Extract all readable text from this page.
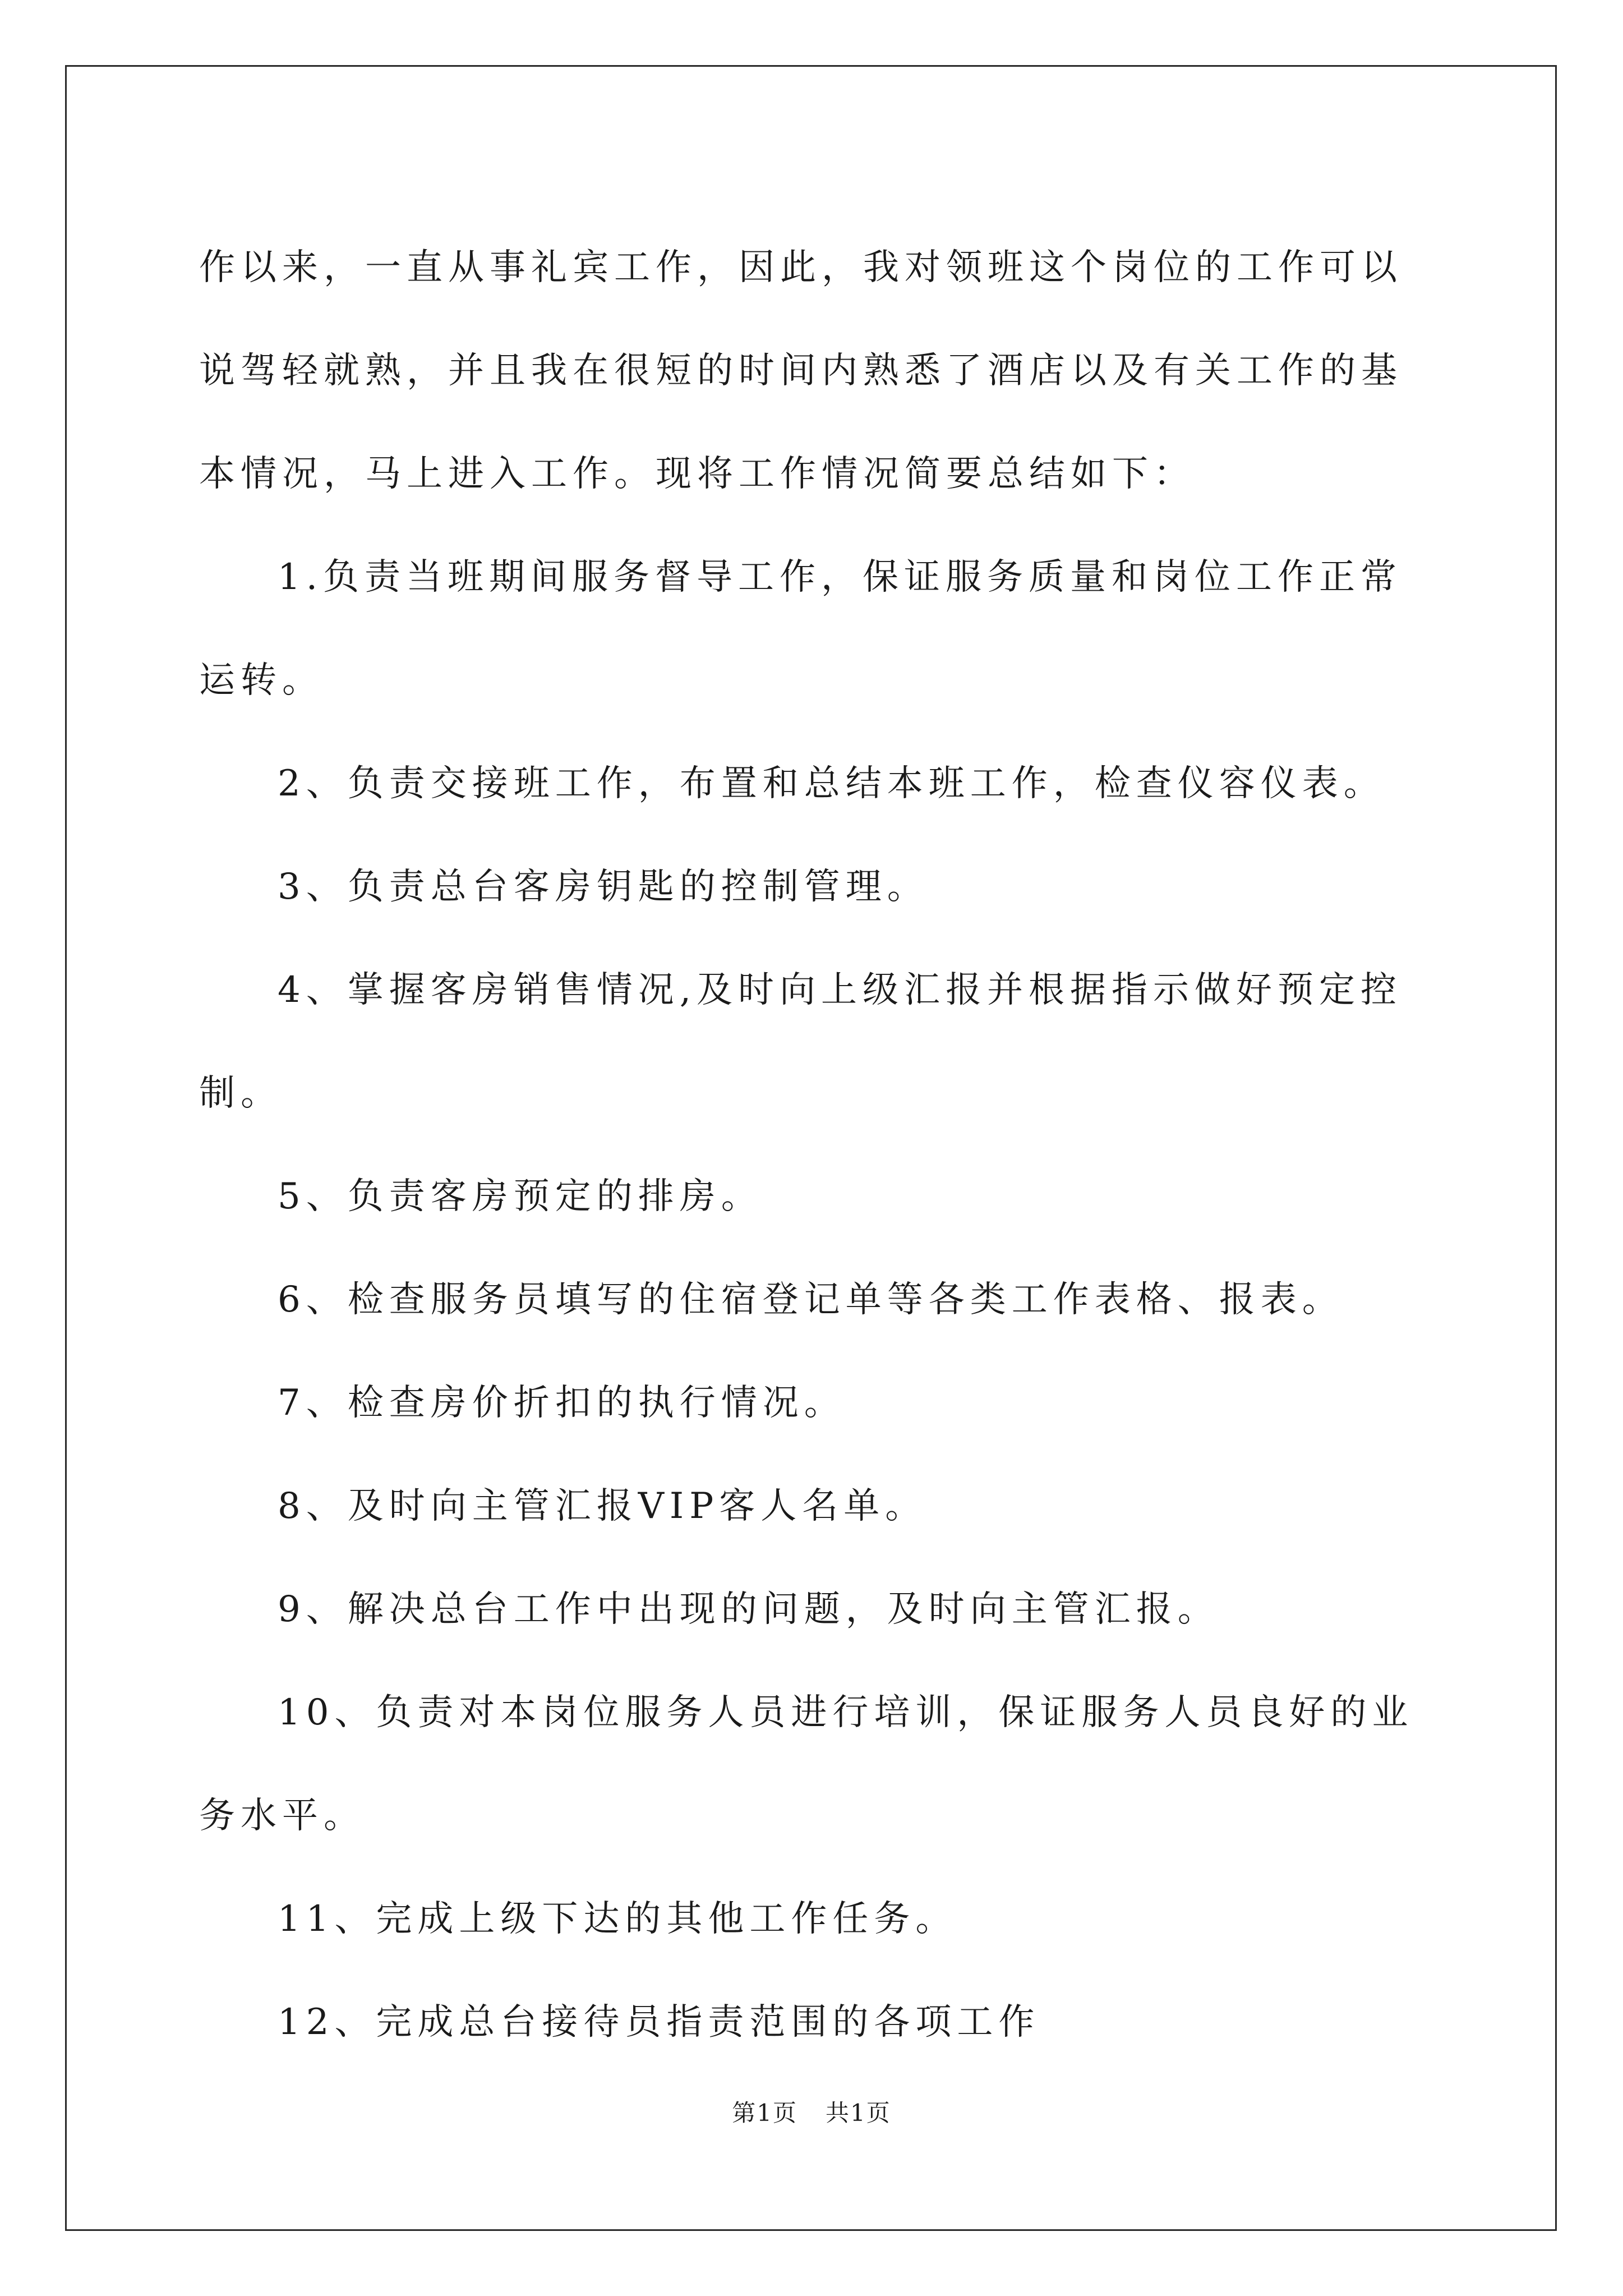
作以来，一直从事礼宾工作，因此，我对领班这个岗位的工作可以说驾轻就熟，并且我在很短的时间内熟悉了酒店以及有关工作的基本情况，马上进入工作。现将工作情况简要总结如下：

1.负责当班期间服务督导工作，保证服务质量和岗位工作正常运转。

2、负责交接班工作，布置和总结本班工作，检查仪容仪表。

3、负责总台客房钥匙的控制管理。

4、掌握客房销售情况,及时向上级汇报并根据指示做好预定控制。

5、负责客房预定的排房。

6、检查服务员填写的住宿登记单等各类工作表格、报表。

7、检查房价折扣的执行情况。

8、及时向主管汇报VIP客人名单。

9、解决总台工作中出现的问题，及时向主管汇报。

10、负责对本岗位服务人员进行培训，保证服务人员良好的业务水平。

11、完成上级下达的其他工作任务。

12、完成总台接待员指责范围的各项工作

第1页 共1页
